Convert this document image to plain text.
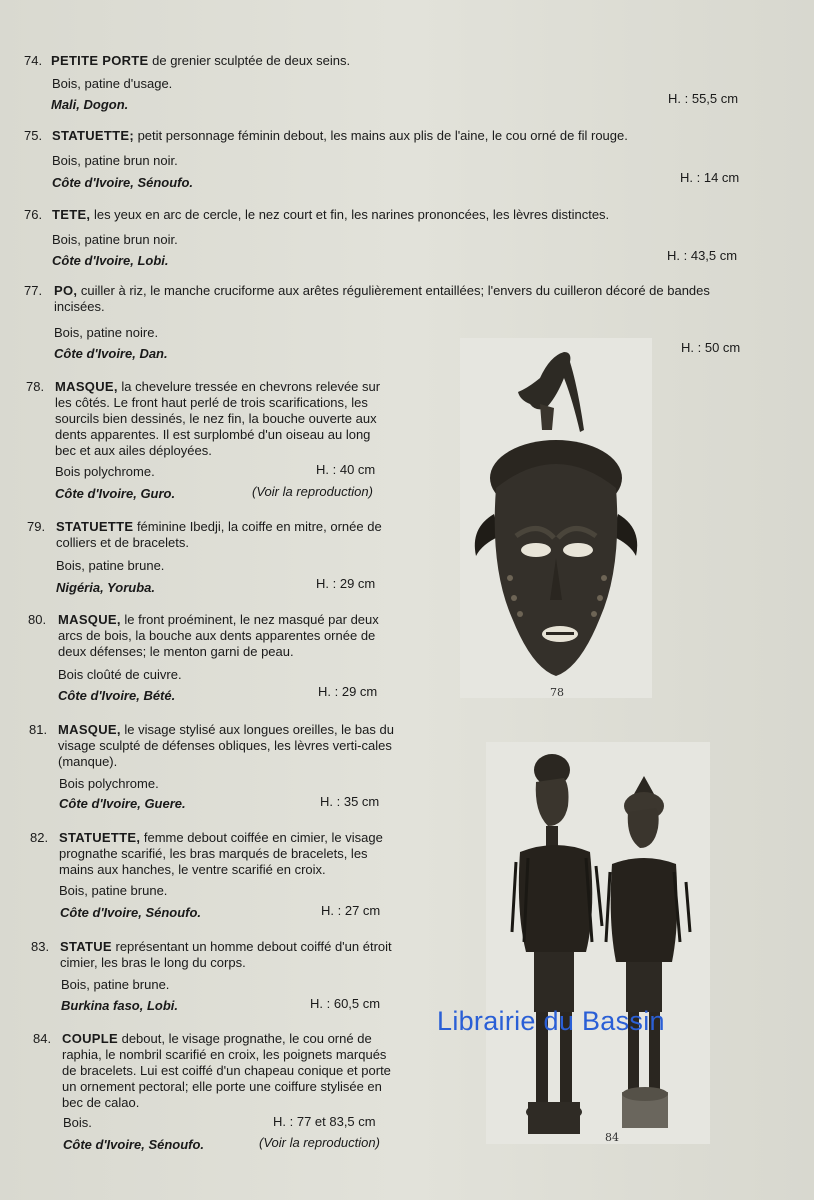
74. PETITE PORTE de grenier sculptée de deux seins.
Bois, patine d'usage.
Mali, Dogon.	H. : 55,5 cm
75. STATUETTE; petit personnage féminin debout, les mains aux plis de l'aine, le cou orné de fil rouge.
Bois, patine brun noir.
Côte d'Ivoire, Sénoufo.	H. : 14 cm
76. TETE, les yeux en arc de cercle, le nez court et fin, les narines prononcées, les lèvres distinctes.
Bois, patine brun noir.
Côte d'Ivoire, Lobi.	H. : 43,5 cm
77. PO, cuiller à riz, le manche cruciforme aux arêtes régulièrement entaillées; l'envers du cuilleron décoré de bandes incisées.
Bois, patine noire.
Côte d'Ivoire, Dan.	H. : 50 cm
78. MASQUE, la chevelure tressée en chevrons relevée sur les côtés. Le front haut perlé de trois scarifications, les sourcils bien dessinés, le nez fin, la bouche ouverte aux dents apparentes. Il est surplombé d'un oiseau au long bec et aux ailes déployées.
Bois polychrome.	H. : 40 cm
Côte d'Ivoire, Guro.	(Voir la reproduction)
79. STATUETTE féminine Ibedji, la coiffe en mitre, ornée de colliers et de bracelets.
Bois, patine brune.
Nigéria, Yoruba.	H. : 29 cm
80. MASQUE, le front proéminent, le nez masqué par deux arcs de bois, la bouche aux dents apparentes ornée de deux défenses; le menton garni de peau.
Bois cloûté de cuivre.
Côte d'Ivoire, Bété.	H. : 29 cm
81. MASQUE, le visage stylisé aux longues oreilles, le bas du visage sculpté de défenses obliques, les lèvres verti-cales (manque).
Bois polychrome.
Côte d'Ivoire, Guere.	H. : 35 cm
82. STATUETTE, femme debout coiffée en cimier, le visage prognathe scarifié, les bras marqués de bracelets, les mains aux hanches, le ventre scarifié en croix.
Bois, patine brune.
Côte d'Ivoire, Sénoufo.	H. : 27 cm
83. STATUE représentant un homme debout coiffé d'un étroit cimier, les bras le long du corps.
Bois, patine brune.
Burkina faso, Lobi.	H. : 60,5 cm
84. COUPLE debout, le visage prognathe, le cou orné de raphia, le nombril scarifié en croix, les poignets marqués de bracelets. Lui est coiffé d'un chapeau conique et porte un ornement pectoral; elle porte une coiffure stylisée en bec de calao.
Bois.	H. : 77 et 83,5 cm
Côte d'Ivoire, Sénoufo.	(Voir la reproduction)
78
84
Librairie du Bassin
